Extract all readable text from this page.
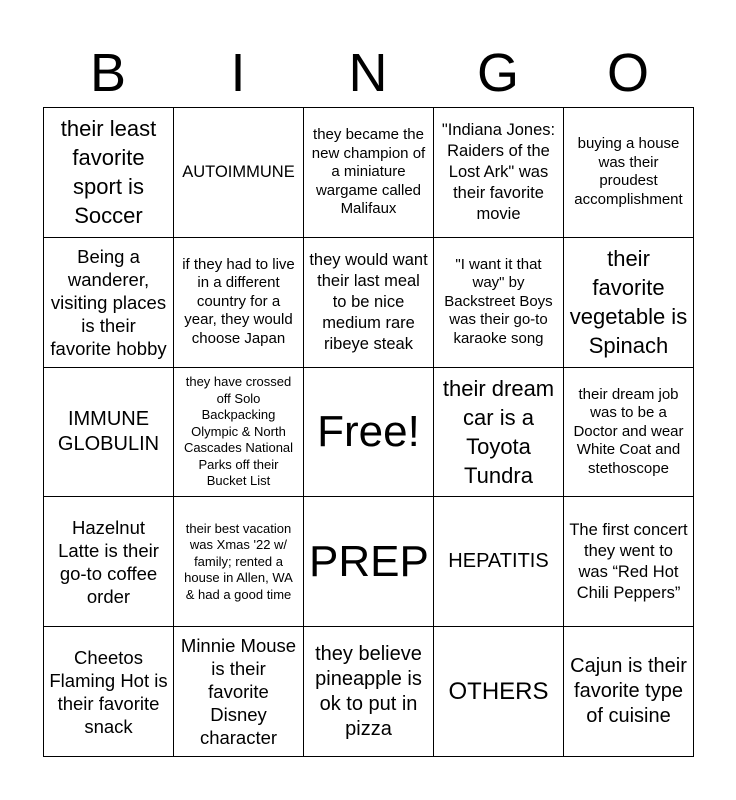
B	I	N	G	O
their least favorite sport is Soccer	AUTOIMMUNE	they became the new champion of a miniature wargame called Malifaux	"Indiana Jones: Raiders of the Lost Ark" was their favorite movie	buying a house was their proudest accomplishment

Being a wanderer, visiting places is their favorite hobby	if they had to live in a different country for a year, they would choose Japan	they would want their last meal to be nice medium rare ribeye steak	"I want it that way" by Backstreet Boys was their go-to karaoke song	their favorite vegetable is Spinach

IMMUNE GLOBULIN	they have crossed off Solo Backpacking Olympic & North Cascades National Parks off their Bucket List	Free!	their dream car is a Toyota Tundra	their dream job was to be a Doctor and wear White Coat and stethoscope

Hazelnut Latte is their go-to coffee order	their best vacation was Xmas '22 w/ family; rented a house in Allen, WA & had a good time	PREP	HEPATITIS	The first concert they went to was “Red Hot Chili Peppers”

Cheetos Flaming Hot is their favorite snack	Minnie Mouse is their favorite Disney character	they believe pineapple is ok to put in pizza	OTHERS	Cajun is their favorite type of cuisine
